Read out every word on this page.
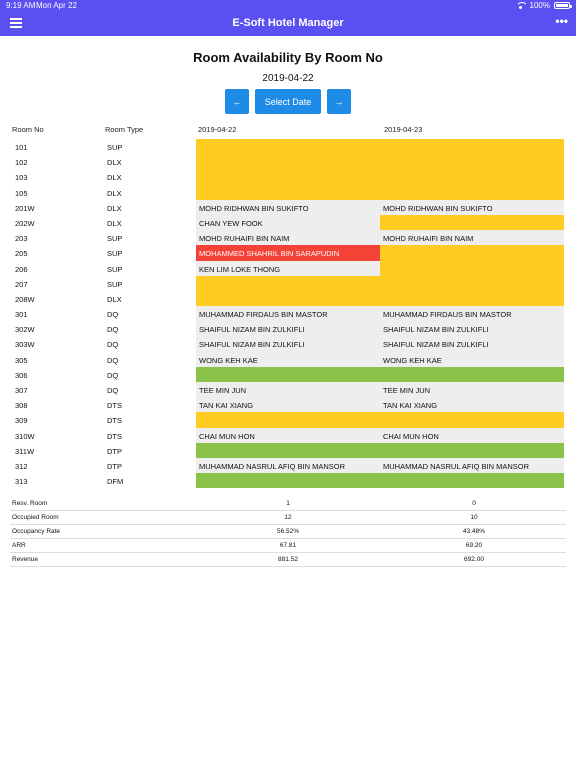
9:19 AM Mon Apr 22	100%
E-Soft Hotel Manager	•••
Room Availability By Room No
2019-04-22
←	Select Date	→
Room No	Room Type	2019-04-22	2019-04-23
101	SUP
102	DLX
103	DLX
105	DLX
201W	DLX	MOHD RIDHWAN BIN SUKIFTO	MOHD RIDHWAN BIN SUKIFTO
202W	DLX	CHAN YEW FOOK
203	SUP	MOHD RUHAIFI BIN NAIM	MOHD RUHAIFI BIN NAIM
205	SUP	MOHAMMED SHAHRIL BIN SARAPUDIN
206	SUP	KEN LIM LOKE THONG
207	SUP
208W	DLX
301	DQ	MUHAMMAD FIRDAUS BIN MASTOR	MUHAMMAD FIRDAUS BIN MASTOR
302W	DQ	SHAIFUL NIZAM BIN ZULKIFLI	SHAIFUL NIZAM BIN ZULKIFLI
303W	DQ	SHAIFUL NIZAM BIN ZULKIFLI	SHAIFUL NIZAM BIN ZULKIFLI
305	DQ	WONG KEH KAE	WONG KEH KAE
306	DQ
307	DQ	TEE MIN JUN	TEE MIN JUN
308	DTS	TAN KAI XIANG	TAN KAI XIANG
309	DTS
310W	DTS	CHAI MUN HON	CHAI MUN HON
311W	DTP
312	DTP	MUHAMMAD NASRUL AFIQ BIN MANSOR	MUHAMMAD NASRUL AFIQ BIN MANSOR
313	DFM
Resv. Room	1	0
Occupied Room	12	10
Occupancy Rate	56.52%	43.48%
ARR	67.81	69.20
Revenue	881.52	692.00
